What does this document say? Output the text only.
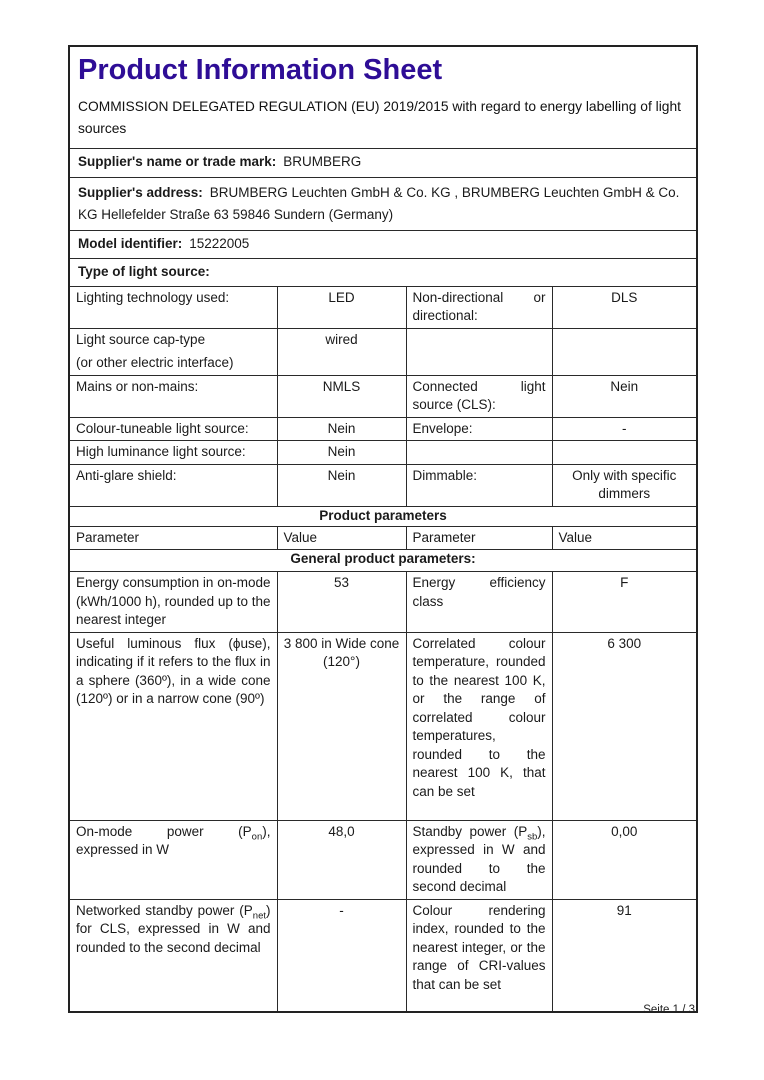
Product Information Sheet

COMMISSION DELEGATED REGULATION (EU) 2019/2015 with regard to energy labelling of light sources

Supplier's name or trade mark: BRUMBERG			
Supplier's address: BRUMBERG Leuchten GmbH & Co. KG , BRUMBERG Leuchten GmbH & Co. KG Hellefelder Straße 63 59846 Sundern (Germany)			
Model identifier: 15222005			
Type of light source:			
Lighting technology used:	LED	Non-directional or directional:	DLS

Light source cap-type
(or other electric interface)	wired		
Mains or non-mains:	NMLS	Connected light source (CLS):	Nein
Colour-tuneable light source:	Nein	Envelope:	-
High luminance light source:	Nein		
Anti-glare shield:	Nein	Dimmable:	Only with specific dimmers
Product parameters			
Parameter	Value	Parameter	Value
General product parameters:			
Energy consumption in on-mode (kWh/1000 h), rounded up to the nearest integer	53	Energy efficiency class	F
Useful luminous flux (ϕuse), indicating if it refers to the flux in a sphere (360º), in a wide cone (120º) or in a narrow cone (90º)	3 800 in Wide cone (120°)	Correlated colour temperature, rounded to the nearest 100 K, or the range of correlated colour temperatures, rounded to the nearest 100 K, that can be set	6 300
On-mode power $(P_{on})$, expressed in W	48,0	Standby power $(P_{sb})$, expressed in W and rounded to the second decimal	0,00
Networked standby power $(P_{net})$ for CLS, expressed in W and rounded to the second decimal	-	Colour rendering index, rounded to the nearest integer, or the range of CRI-values that can be set	91
Seite 1 / 3
